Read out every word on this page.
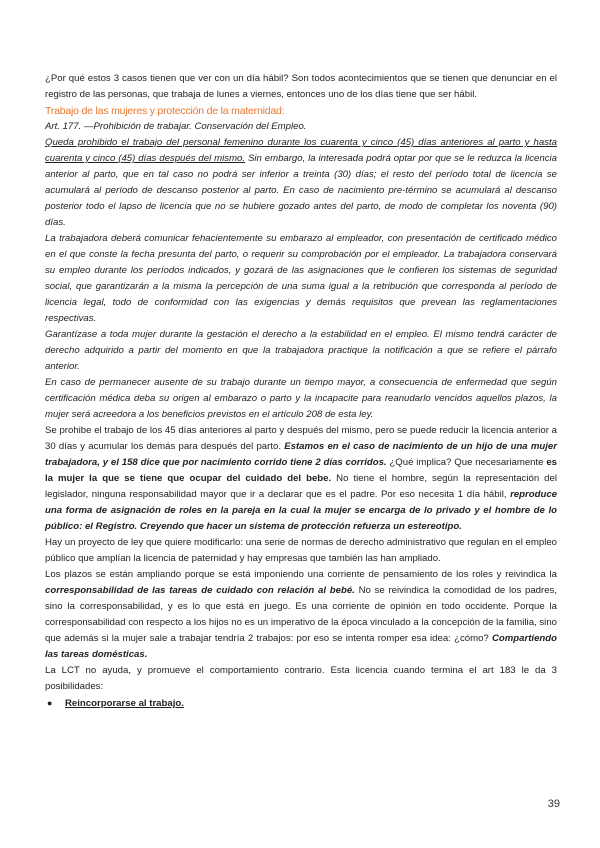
¿Por qué estos 3 casos tienen que ver con un día hábil? Son todos acontecimientos que se tienen que denunciar en el registro de las personas, que trabaja de lunes a viernes, entonces uno de los días tiene que ser hábil.

Trabajo de las mujeres y protección de la maternidad:

Art. 177. —Prohibición de trabajar. Conservación del Empleo.

Queda prohibido el trabajo del personal femenino durante los cuarenta y cinco (45) días anteriores al parto y hasta cuarenta y cinco (45) días después del mismo. Sin embargo, la interesada podrá optar por que se le reduzca la licencia anterior al parto, que en tal caso no podrá ser inferior a treinta (30) días; el resto del período total de licencia se acumulará al período de descanso posterior al parto. En caso de nacimiento pre-término se acumulará al descanso posterior todo el lapso de licencia que no se hubiere gozado antes del parto, de modo de completar los noventa (90) días.

La trabajadora deberá comunicar fehacientemente su embarazo al empleador, con presentación de certificado médico en el que conste la fecha presunta del parto, o requerir su comprobación por el empleador. La trabajadora conservará su empleo durante los períodos indicados, y gozará de las asignaciones que le confieren los sistemas de seguridad social, que garantizarán a la misma la percepción de una suma igual a la retribución que corresponda al período de licencia legal, todo de conformidad con las exigencias y demás requisitos que prevean las reglamentaciones respectivas.

Garantízase a toda mujer durante la gestación el derecho a la estabilidad en el empleo. El mismo tendrá carácter de derecho adquirido a partir del momento en que la trabajadora practique la notificación a que se refiere el párrafo anterior.

En caso de permanecer ausente de su trabajo durante un tiempo mayor, a consecuencia de enfermedad que según certificación médica deba su origen al embarazo o parto y la incapacite para reanudarlo vencidos aquellos plazos, la mujer será acreedora a los beneficios previstos en el artículo 208 de esta ley.

Se prohibe el trabajo de los 45 días anteriores al parto y después del mismo, pero se puede reducir la licencia anterior a 30 días y acumular los demás para después del parto. Estamos en el caso de nacimiento de un hijo de una mujer trabajadora, y el 158 dice que por nacimiento corrido tiene 2 días corridos. ¿Qué implica? Que necesariamente es la mujer la que se tiene que ocupar del cuidado del bebe. No tiene el hombre, según la representación del legislador, ninguna responsabilidad mayor que ir a declarar que es el padre. Por eso necesita 1 día hábil, reproduce una forma de asignación de roles en la pareja en la cual la mujer se encarga de lo privado y el hombre de lo público: el Registro. Creyendo que hacer un sistema de protección refuerza un estereotipo.

Hay un proyecto de ley que quiere modificarlo: una serie de normas de derecho administrativo que regulan en el empleo público que amplían la licencia de paternidad y hay empresas que también las han ampliado.

Los plazos se están ampliando porque se está imponiendo una corriente de pensamiento de los roles y reivindica la corresponsabilidad de las tareas de cuidado con relación al bebé. No se reivindica la comodidad de los padres, sino la corresponsabilidad, y es lo que está en juego. Es una corriente de opinión en todo occidente. Porque la corresponsabilidad con respecto a los hijos no es un imperativo de la época vinculado a la concepción de la familia, sino que además si la mujer sale a trabajar tendría 2 trabajos: por eso se intenta romper esa idea: ¿cómo? Compartiendo las tareas domésticas.

La LCT no ayuda, y promueve el comportamiento contrario. Esta licencia cuando termina el art 183 le da 3 posibilidades:

●	Reincorporarse al trabajo.
39
